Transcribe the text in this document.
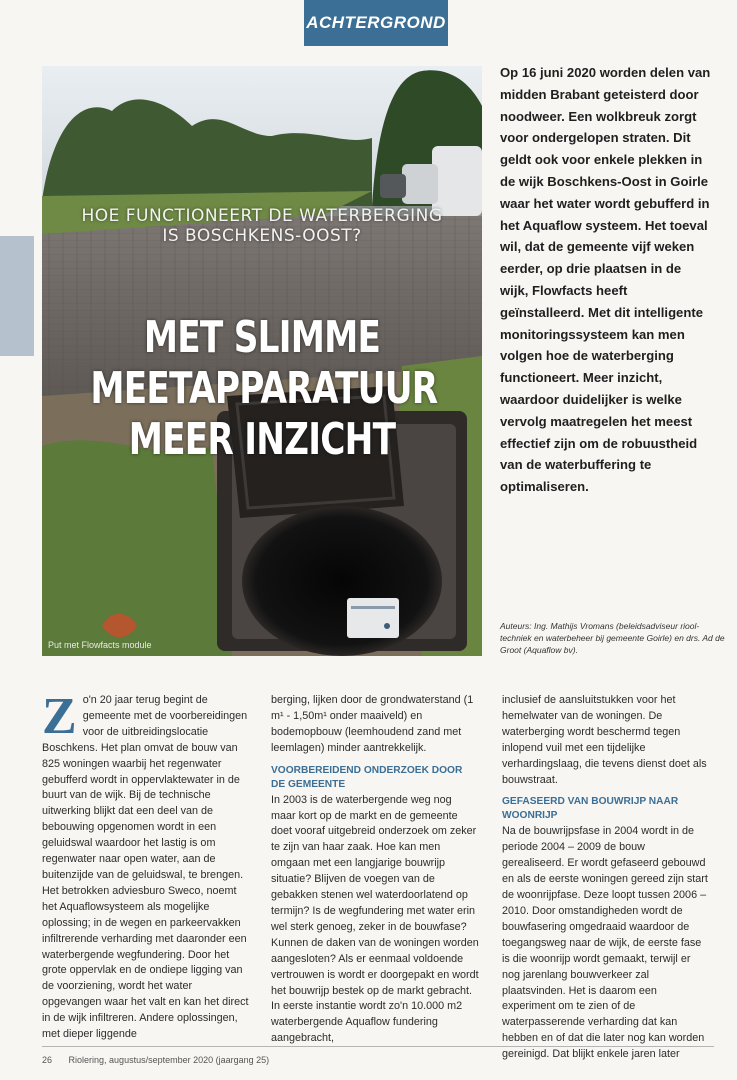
ACHTERGROND
HOE FUNCTIONEERT DE WATERBERGING
IS BOSCHKENS-OOST?
MET SLIMME
MEETAPPARATUUR
MEER INZICHT
Put met Flowfacts module
Op 16 juni 2020 worden delen van midden Brabant geteisterd door noodweer. Een wolkbreuk zorgt voor ondergelopen straten. Dit geldt ook voor enkele plekken in de wijk Boschkens-Oost in Goirle waar het water wordt gebufferd in het Aquaflow systeem. Het toeval wil, dat de gemeente vijf weken eerder, op drie plaatsen in de wijk, Flowfacts heeft geïnstalleerd. Met dit intelligente monitoringssysteem kan men volgen hoe de waterberging functioneert. Meer inzicht, waardoor duidelijker is welke vervolg maatregelen het meest effectief zijn om de robuustheid van de waterbuffering te optimaliseren.
Auteurs: Ing. Mathijs Vromans (beleidsadviseur riooltechniek en waterbeheer bij gemeente Goirle) en drs. Ad de Groot (Aquaflow bv).

Zo'n 20 jaar terug begint de gemeente met de voorbereidingen voor de uitbreidingslocatie Boschkens. Het plan omvat de bouw van 825 woningen waarbij het regenwater gebufferd wordt in oppervlaktewater in de buurt van de wijk. Bij de technische uitwerking blijkt dat een deel van de bebouwing opgenomen wordt in een geluidswal waardoor het lastig is om regenwater naar open water, aan de buitenzijde van de geluidswal, te brengen. Het betrokken adviesburo Sweco, noemt het Aquaflowsysteem als mogelijke oplossing; in de wegen en parkeervakken infiltrerende verharding met daaronder een waterbergende wegfundering. Door het grote oppervlak en de ondiepe ligging van de voorziening, wordt het water opgevangen waar het valt en kan het direct in de wijk infiltreren. Andere oplossingen, met dieper liggende

berging, lijken door de grondwaterstand (1 m¹ - 1,50m¹ onder maaiveld) en bodemopbouw (leemhoudend zand met leemlagen) minder aantrekkelijk.

VOORBEREIDEND ONDERZOEK DOOR DE GEMEENTE

In 2003 is de waterbergende weg nog maar kort op de markt en de gemeente doet vooraf uitgebreid onderzoek om zeker te zijn van haar zaak. Hoe kan men omgaan met een langjarige bouwrijp situatie? Blijven de voegen van de gebakken stenen wel waterdoorlatend op termijn? Is de wegfundering met water erin wel sterk genoeg, zeker in de bouwfase? Kunnen de daken van de woningen worden aangesloten? Als er eenmaal voldoende vertrouwen is wordt er doorgepakt en wordt het bouwrijp bestek op de markt gebracht. In eerste instantie wordt zo'n 10.000 m2 waterbergende Aquaflow fundering aangebracht,

inclusief de aansluitstukken voor het hemelwater van de woningen. De waterberging wordt beschermd tegen inlopend vuil met een tijdelijke verhardingslaag, die tevens dienst doet als bouwstraat.

GEFASEERD VAN BOUWRIJP NAAR WOONRIJP

Na de bouwrijpsfase in 2004 wordt in de periode 2004 – 2009 de bouw gerealiseerd. Er wordt gefaseerd gebouwd en als de eerste woningen gereed zijn start de woonrijpfase. Deze loopt tussen 2006 – 2010. Door omstandigheden wordt de bouwfasering omgedraaid waardoor de toegangsweg naar de wijk, de eerste fase is die woonrijp wordt gemaakt, terwijl er nog jarenlang bouwverkeer zal plaatsvinden. Het is daarom een experiment om te zien of de waterpasserende verharding dat kan hebben en of dat die later nog kan worden gereinigd. Dat blijkt enkele jaren later

26 Riolering, augustus/september 2020 (jaargang 25)
